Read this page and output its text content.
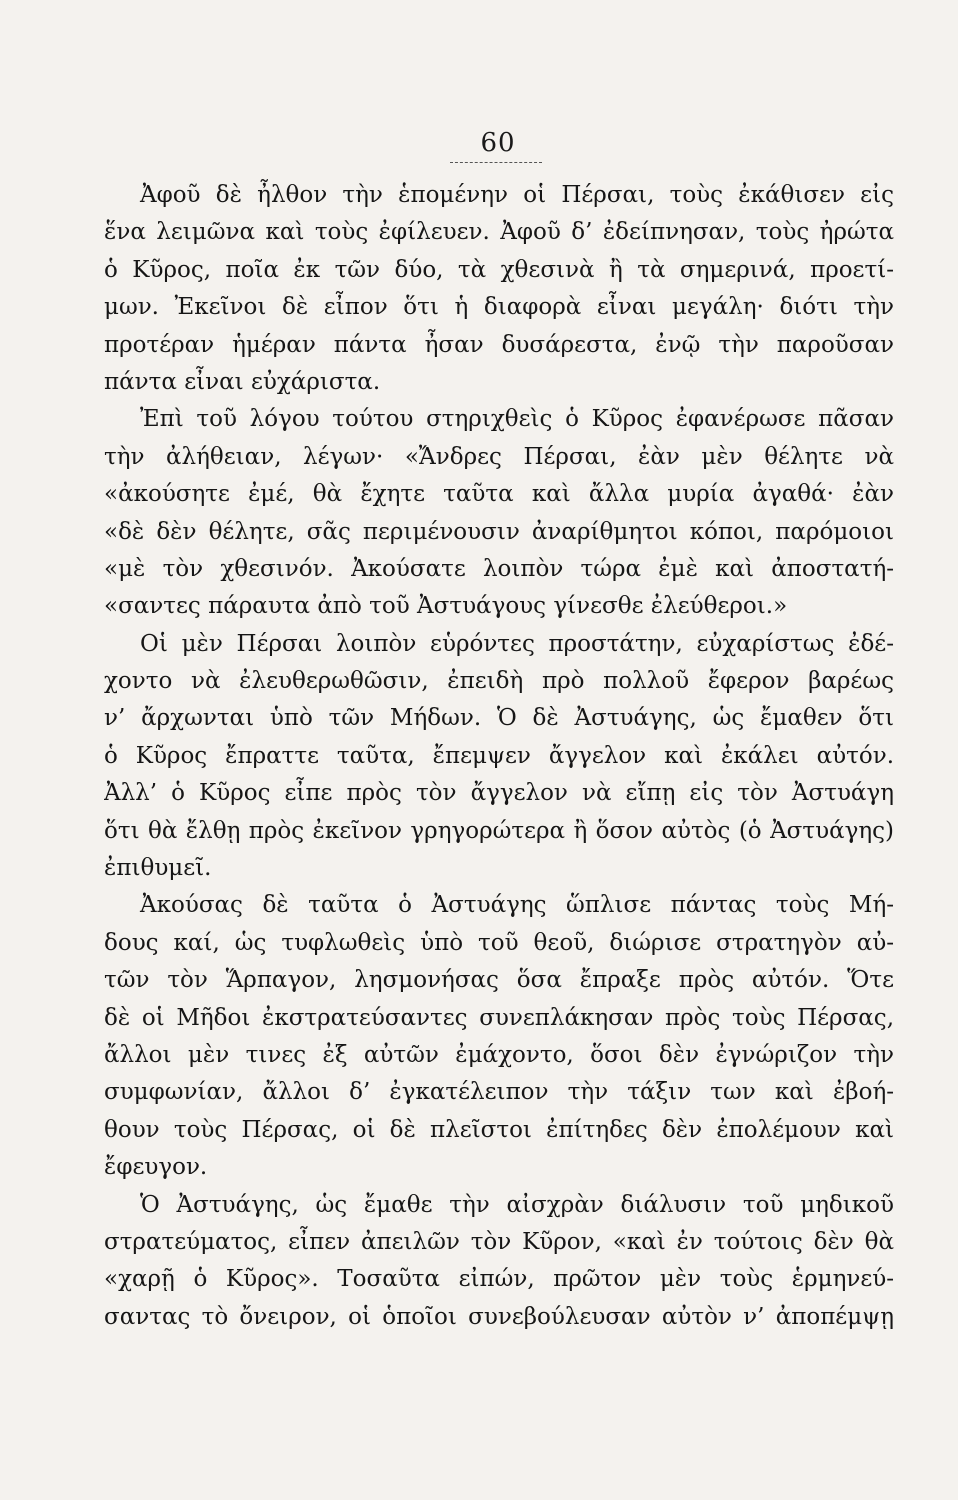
60
Ἀφοῦ δὲ ἦλθον τὴν ἑπομένην οἱ Πέρσαι, τοὺς ἐκάθισεν εἰς
ἕνα λειμῶνα καὶ τοὺς ἐφίλευεν. Ἀφοῦ δ’ ἐδείπνησαν, τοὺς ἠρώτα
ὁ Κῦρος, ποῖα ἐκ τῶν δύο, τὰ χθεσινὰ ἢ τὰ σημερινά, προετί-
μων. Ἐκεῖνοι δὲ εἶπον ὅτι ἡ διαφορὰ εἶναι μεγάλη· διότι τὴν
προτέραν ἡμέραν πάντα ἦσαν δυσάρεστα, ἐνῷ τὴν παροῦσαν
πάντα εἶναι εὐχάριστα.
Ἐπὶ τοῦ λόγου τούτου στηριχθεὶς ὁ Κῦρος ἐφανέρωσε πᾶσαν
τὴν ἀλήθειαν, λέγων· «Ἄνδρες Πέρσαι, ἐὰν μὲν θέλητε νὰ
«ἀκούσητε ἐμέ, θὰ ἔχητε ταῦτα καὶ ἄλλα μυρία ἀγαθά· ἐὰν
«δὲ δὲν θέλητε, σᾶς περιμένουσιν ἀναρίθμητοι κόποι, παρόμοιοι
«μὲ τὸν χθεσινόν. Ἀκούσατε λοιπὸν τώρα ἐμὲ καὶ ἀποστατή-
«σαντες πάραυτα ἀπὸ τοῦ Ἀστυάγους γίνεσθε ἐλεύθεροι.»
Οἱ μὲν Πέρσαι λοιπὸν εὑρόντες προστάτην, εὐχαρίστως ἐδέ-
χοντο νὰ ἐλευθερωθῶσιν, ἐπειδὴ πρὸ πολλοῦ ἔφερον βαρέως
ν’ ἄρχωνται ὑπὸ τῶν Μήδων. Ὁ δὲ Ἀστυάγης, ὡς ἔμαθεν ὅτι
ὁ Κῦρος ἔπραττε ταῦτα, ἔπεμψεν ἄγγελον καὶ ἐκάλει αὐτόν.
Ἀλλ’ ὁ Κῦρος εἶπε πρὸς τὸν ἄγγελον νὰ εἴπῃ εἰς τὸν Ἀστυάγη
ὅτι θὰ ἔλθῃ πρὸς ἐκεῖνον γρηγορώτερα ἢ ὅσον αὐτὸς (ὁ Ἀστυάγης)
ἐπιθυμεῖ.
Ἀκούσας δὲ ταῦτα ὁ Ἀστυάγης ὥπλισε πάντας τοὺς Μή-
δους καί, ὡς τυφλωθεὶς ὑπὸ τοῦ θεοῦ, διώρισε στρατηγὸν αὐ-
τῶν τὸν Ἅρπαγον, λησμονήσας ὅσα ἔπραξε πρὸς αὐτόν. Ὅτε
δὲ οἱ Μῆδοι ἐκστρατεύσαντες συνεπλάκησαν πρὸς τοὺς Πέρσας,
ἄλλοι μὲν τινες ἐξ αὐτῶν ἐμάχοντο, ὅσοι δὲν ἐγνώριζον τὴν
συμφωνίαν, ἄλλοι δ’ ἐγκατέλειπον τὴν τάξιν των καὶ ἐβοή-
θουν τοὺς Πέρσας, οἱ δὲ πλεῖστοι ἐπίτηδες δὲν ἐπολέμουν καὶ
ἔφευγον.
Ὁ Ἀστυάγης, ὡς ἔμαθε τὴν αἰσχρὰν διάλυσιν τοῦ μηδικοῦ
στρατεύματος, εἶπεν ἀπειλῶν τὸν Κῦρον, «καὶ ἐν τούτοις δὲν θὰ
«χαρῇ ὁ Κῦρος». Τοσαῦτα εἰπών, πρῶτον μὲν τοὺς ἑρμηνεύ-
σαντας τὸ ὄνειρον, οἱ ὁποῖοι συνεβούλευσαν αὐτὸν ν’ ἀποπέμψῃ
